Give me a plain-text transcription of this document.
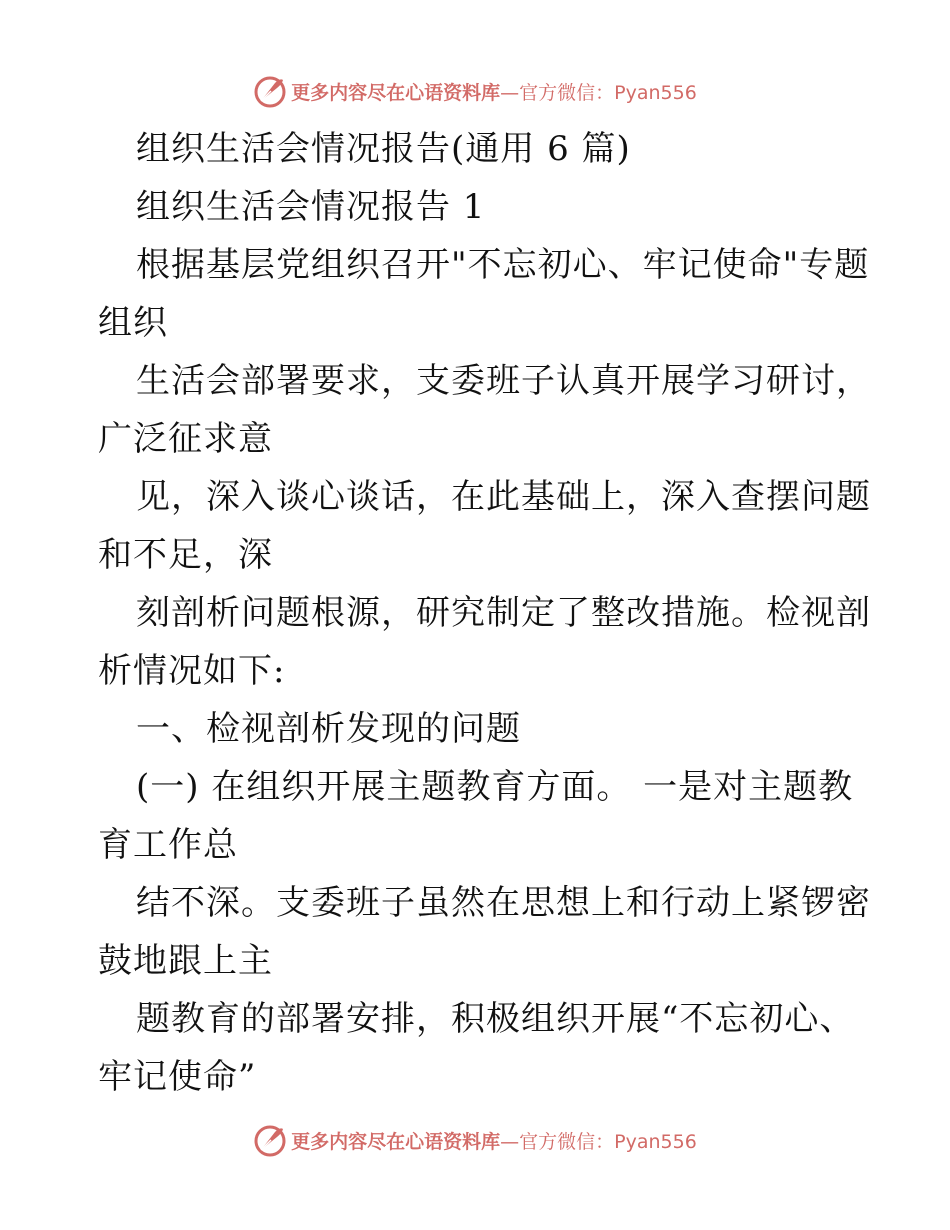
更多内容尽在心语资料库 —官方微信：Pyan556
组织生活会情况报告(通用 6 篇)
组织生活会情况报告 1
根据基层党组织召开"不忘初心、牢记使命"专题
组织
生活会部署要求，支委班子认真开展学习研讨，
广泛征求意
见，深入谈心谈话，在此基础上，深入查摆问题
和不足，深
刻剖析问题根源，研究制定了整改措施。检视剖
析情况如下:
一、检视剖析发现的问题
(一) 在组织开展主题教育方面。 一是对主题教
育工作总
结不深。支委班子虽然在思想上和行动上紧锣密
鼓地跟上主
题教育的部署安排，积极组织开展“不忘初心、
牢记使命”
更多内容尽在心语资料库 —官方微信：Pyan556
